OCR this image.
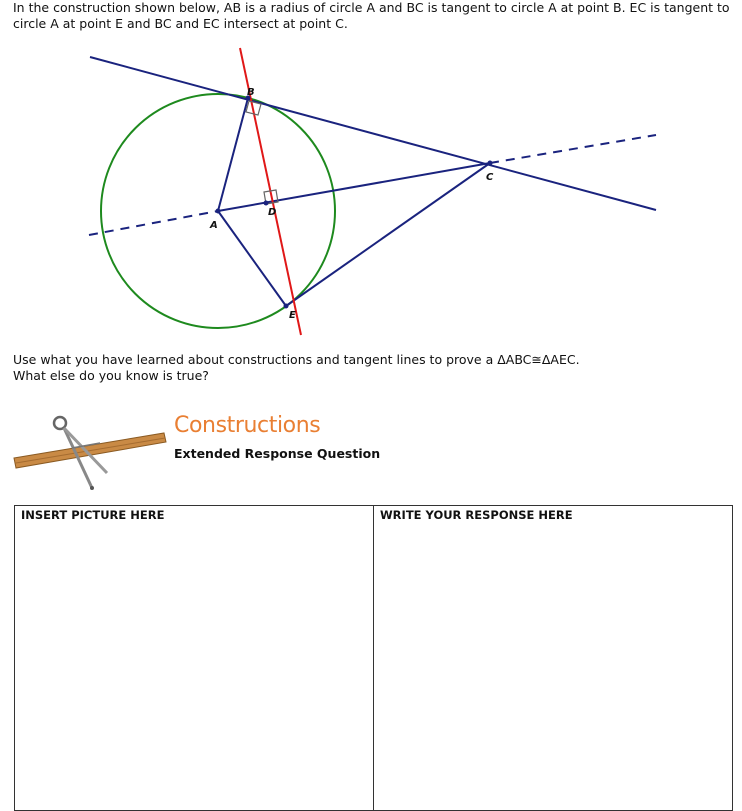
In the construction shown below, AB is a radius of circle A and BC is tangent to circle A at point B. EC is tangent to circle A at point E and BC and EC intersect at point C.
A
B
C
D
E

Use what you have learned about constructions and tangent lines to prove a ΔABC≅ΔAEC.

What else do you know is true?

Constructions
Extended Response Question
INSERT PICTURE HERE	WRITE YOUR RESPONSE HERE
